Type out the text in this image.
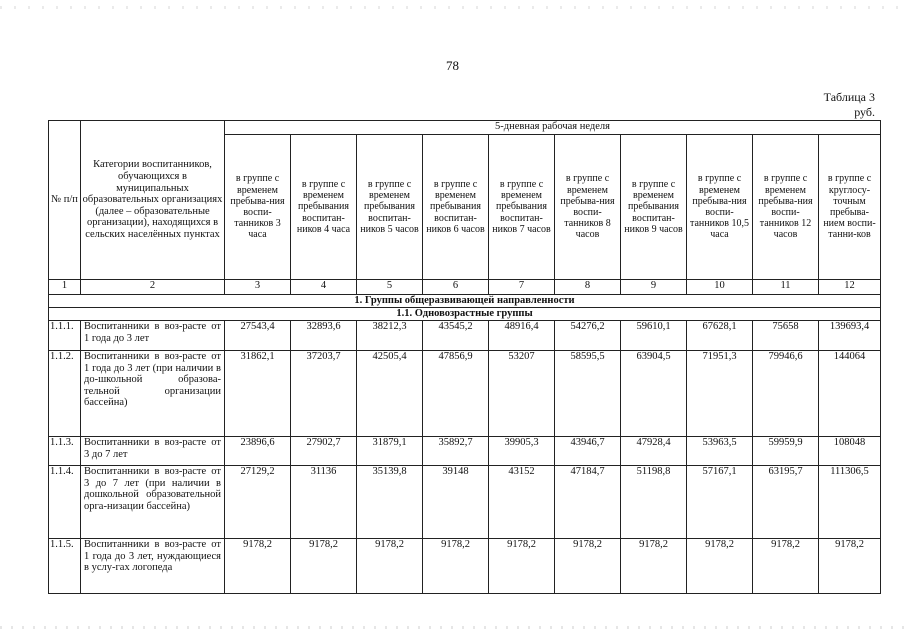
78
Таблица 3
руб.
№ п/п	Категории воспитанников, обучающихся в муниципальных образовательных организациях (далее – образовательные организации), находящихся в сельских населённых пунктах	5-дневная рабочая неделя									
		в группе с временем пребыва-ния воспи-танников 3 часа	в группе с временем пребывания воспитан-ников 4 часа	в группе с временем пребывания воспитан-ников 5 часов	в группе с временем пребывания воспитан-ников 6 часов	в группе с временем пребывания воспитан-ников 7 часов	в группе с временем пребыва-ния воспи-танников 8 часов	в группе с временем пребывания воспитан-ников 9 часов	в группе с временем пребыва-ния воспи-танников 10,5 часа	в группе с временем пребыва-ния воспи-танников 12 часов	в группе с круглосу-точным пребыва-нием воспи-танни-ков
1	2	3	4	5	6	7	8	9	10	11	12
1. Группы общеразвивающей направленности											
1.1. Одновозрастные группы											
1.1.1.	Воспитанники в воз-расте от 1 года до 3 лет	27543,4	32893,6	38212,3	43545,2	48916,4	54276,2	59610,1	67628,1	75658	139693,4
1.1.2.	Воспитанники в воз-расте от 1 года до 3 лет (при наличии в до-школьной образова-тельной организации бассейна)	31862,1	37203,7	42505,4	47856,9	53207	58595,5	63904,5	71951,3	79946,6	144064
1.1.3.	Воспитанники в воз-расте от 3 до 7 лет	23896,6	27902,7	31879,1	35892,7	39905,3	43946,7	47928,4	53963,5	59959,9	108048
1.1.4.	Воспитанники в воз-расте от 3 до 7 лет (при наличии в дошкольной образовательной орга-низации бассейна)	27129,2	31136	35139,8	39148	43152	47184,7	51198,8	57167,1	63195,7	111306,5
1.1.5.	Воспитанники в воз-расте от 1 года до 3 лет, нуждающиеся в услу-гах логопеда	9178,2	9178,2	9178,2	9178,2	9178,2	9178,2	9178,2	9178,2	9178,2	9178,2
